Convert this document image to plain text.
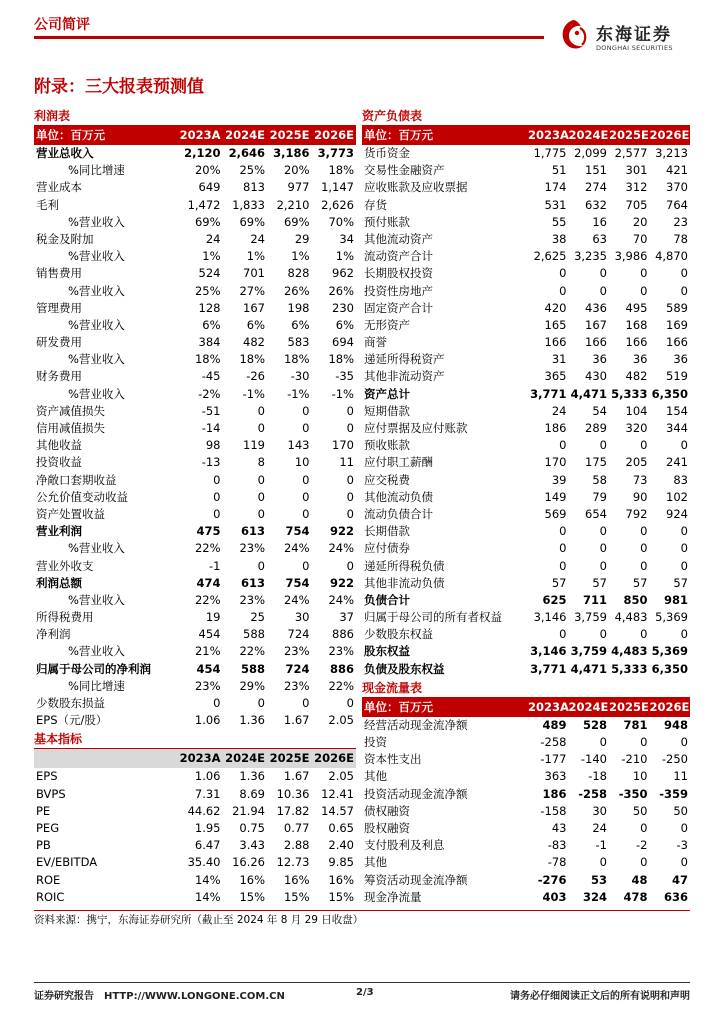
公司简评	东海证券
DONGHAI SECURITIES
附录：三大报表预测值
利润表
单位：百万元	2023A 2024E 2025E 2026E
营业总收入	2,120 2,646 3,186 3,773
%同比增速	20%	25%	20%	18%
营业成本	649	813	977	1,147
毛利	1,472	1,833	2,210	2,626
%营业收入	69%	69%	69%	70%
税金及附加	24	24	29	34
%营业收入	1%	1%	1%	1%
销售费用	524	701	828	962
%营业收入	25%	27%	26%	26%
管理费用	128	167	198	230
%营业收入	6%	6%	6%	6%
研发费用	384	482	583	694
%营业收入	18%	18%	18%	18%
财务费用	-45	-26	-30	-35
%营业收入	-2%	-1%	-1%	-1%
资产减值损失	-51	0	0	0
信用减值损失	-14	0	0	0
其他收益	98	119	143	170
投资收益	-13	8	10	11
净敞口套期收益	0	0	0	0
公允价值变动收益	0	0	0	0
资产处置收益	0	0	0	0
营业利润	475	613	754	922
%营业收入	22%	23%	24%	24%
营业外收支	-1	0	0	0
利润总额	474	613	754	922
%营业收入	22%	23%	24%	24%
所得税费用	19	25	30	37
净利润	454	588	724	886
%营业收入	21%	22%	23%	23%
归属于母公司的净利润	454	588	724	886
%同比增速	23%	29%	23%	22%
少数股东损益	0	0	0	0
EPS（元/股）	1.06	1.36	1.67	2.05
基本指标
2023A 2024E 2025E 2026E
EPS	1.06	1.36	1.67	2.05
BVPS	7.31	8.69	10.36	12.41
PE	44.62	21.94	17.82	14.57
PEG	1.95	0.75	0.77	0.65
PB	6.47	3.43	2.88	2.40
EV/EBITDA	35.40	16.26	12.73	9.85
ROE	14%	16%	16%	16%
ROIC	14%	15%	15%	15%
资产负债表
单位：百万元	2023A 2024E 2025E 2026E
货币资金	1,775 2,099 2,577 3,213
交易性金融资产	51	151	301	421
应收账款及应收票据	174	274	312	370
存货	531	632	705	764
预付账款	55	16	20	23
其他流动资产	38	63	70	78
流动资产合计	2,625 3,235 3,986 4,870
长期股权投资	0	0	0	0
投资性房地产	0	0	0	0
固定资产合计	420	436	495	589
无形资产	165	167	168	169
商誉	166	166	166	166
递延所得税资产	31	36	36	36
其他非流动资产	365	430	482	519
资产总计	3,771 4,471 5,333 6,350
短期借款	24	54	104	154
应付票据及应付账款	186	289	320	344
预收账款	0	0	0	0
应付职工薪酬	170	175	205	241
应交税费	39	58	73	83
其他流动负债	149	79	90	102
流动负债合计	569	654	792	924
长期借款	0	0	0	0
应付债券	0	0	0	0
递延所得税负债	0	0	0	0
其他非流动负债	57	57	57	57
负债合计	625	711	850	981
归属于母公司的所有者权益	3,146 3,759 4,483 5,369
少数股东权益	0	0	0	0
股东权益	3,146 3,759 4,483 5,369
负债及股东权益	3,771 4,471 5,333 6,350
现金流量表
单位：百万元	2023A 2024E 2025E 2026E
经营活动现金流净额	489	528	781	948
投资	-258	0	0	0
资本性支出	-177	-140	-210	-250
其他	363	-18	10	11
投资活动现金流净额	186	-258	-350	-359
债权融资	-158	30	50	50
股权融资	43	24	0	0
支付股利及利息	-83	-1	-2	-3
其他	-78	0	0	0
筹资活动现金流净额	-276	53	48	47
现金净流量	403	324	478	636
资料来源：携宁，东海证券研究所（截止至 2024 年 8 月 29 日收盘）
证券研究报告　HTTP://WWW.LONGONE.COM.CN	2/3	请务必仔细阅读正文后的所有说明和声明
